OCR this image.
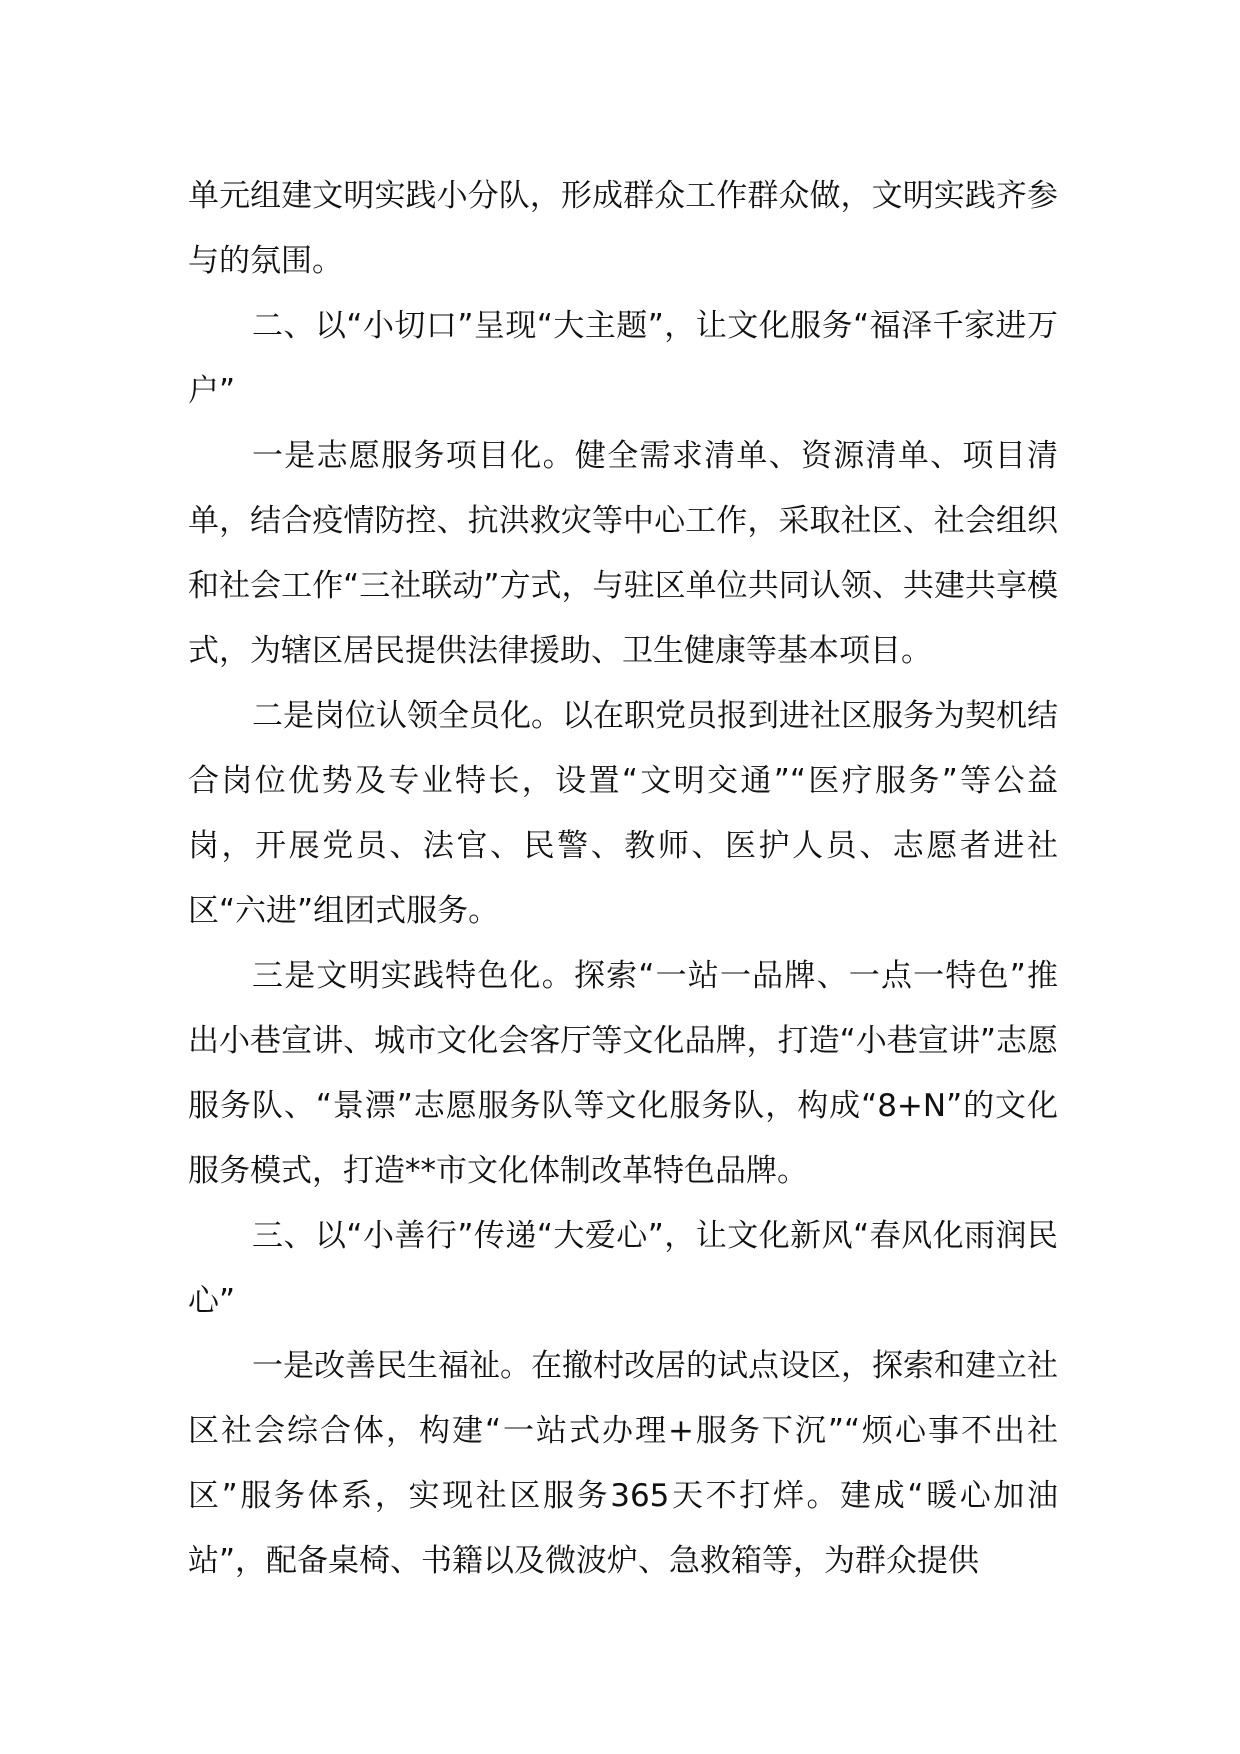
单元组建文明实践小分队，形成群众工作群众做，文明实践齐参与的氛围。

二、以“小切口”呈现“大主题”，让文化服务“福泽千家进万户”

一是志愿服务项目化。健全需求清单、资源清单、项目清单，结合疫情防控、抗洪救灾等中心工作，采取社区、社会组织和社会工作“三社联动”方式，与驻区单位共同认领、共建共享模式，为辖区居民提供法律援助、卫生健康等基本项目。

二是岗位认领全员化。以在职党员报到进社区服务为契机结合岗位优势及专业特长，设置“文明交通”“医疗服务”等公益岗，开展党员、法官、民警、教师、医护人员、志愿者进社区“六进”组团式服务。

三是文明实践特色化。探索“一站一品牌、一点一特色”推出小巷宣讲、城市文化会客厅等文化品牌，打造“小巷宣讲”志愿服务队、“景漂”志愿服务队等文化服务队，构成“8+N”的文化服务模式，打造**市文化体制改革特色品牌。

三、以“小善行”传递“大爱心”，让文化新风“春风化雨润民心”

一是改善民生福祉。在撤村改居的试点设区，探索和建立社区社会综合体，构建“一站式办理+服务下沉”“烦心事不出社区”服务体系，实现社区服务365天不打烊。建成“暖心加油站”，配备桌椅、书籍以及微波炉、急救箱等，为群众提供
